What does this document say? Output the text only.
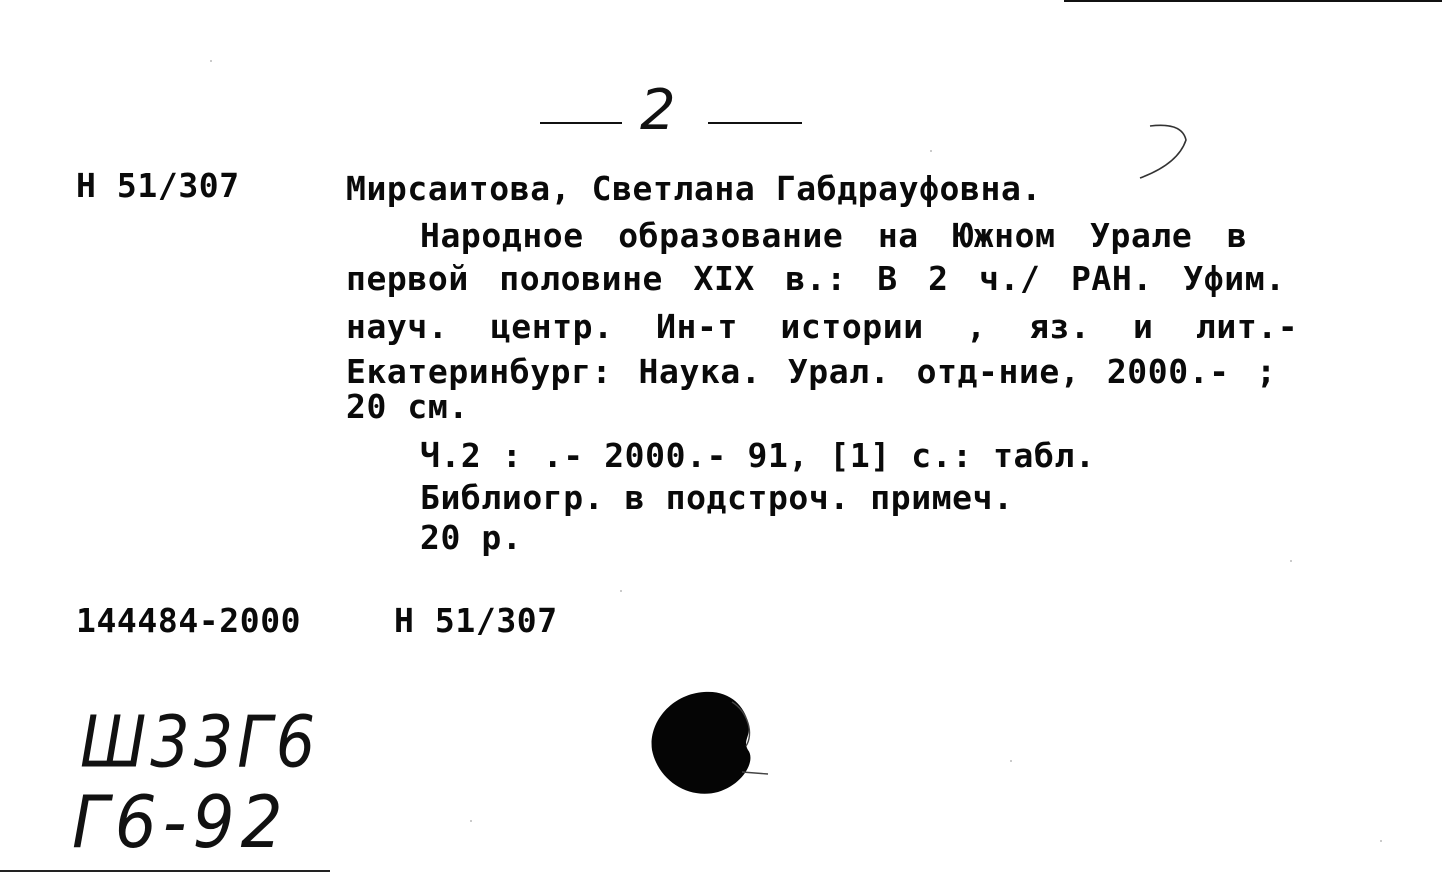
2
Н 51/307	Мирсаитова, Светлана Габдрауфовна.
Народное образование на Южном Урале в
первой половине XIX в.: В 2 ч./ РАН. Уфим.
науч. центр. Ин-т истории , яз. и лит.-
Екатеринбург: Наука. Урал. отд-ние, 2000.- ;
20 см.
Ч.2 : .- 2000.- 91, [1] с.: табл.
Библиогр. в подстроч. примеч.
20 р.
144484-2000	Н 51/307
Ш33Г6
Г6-92
